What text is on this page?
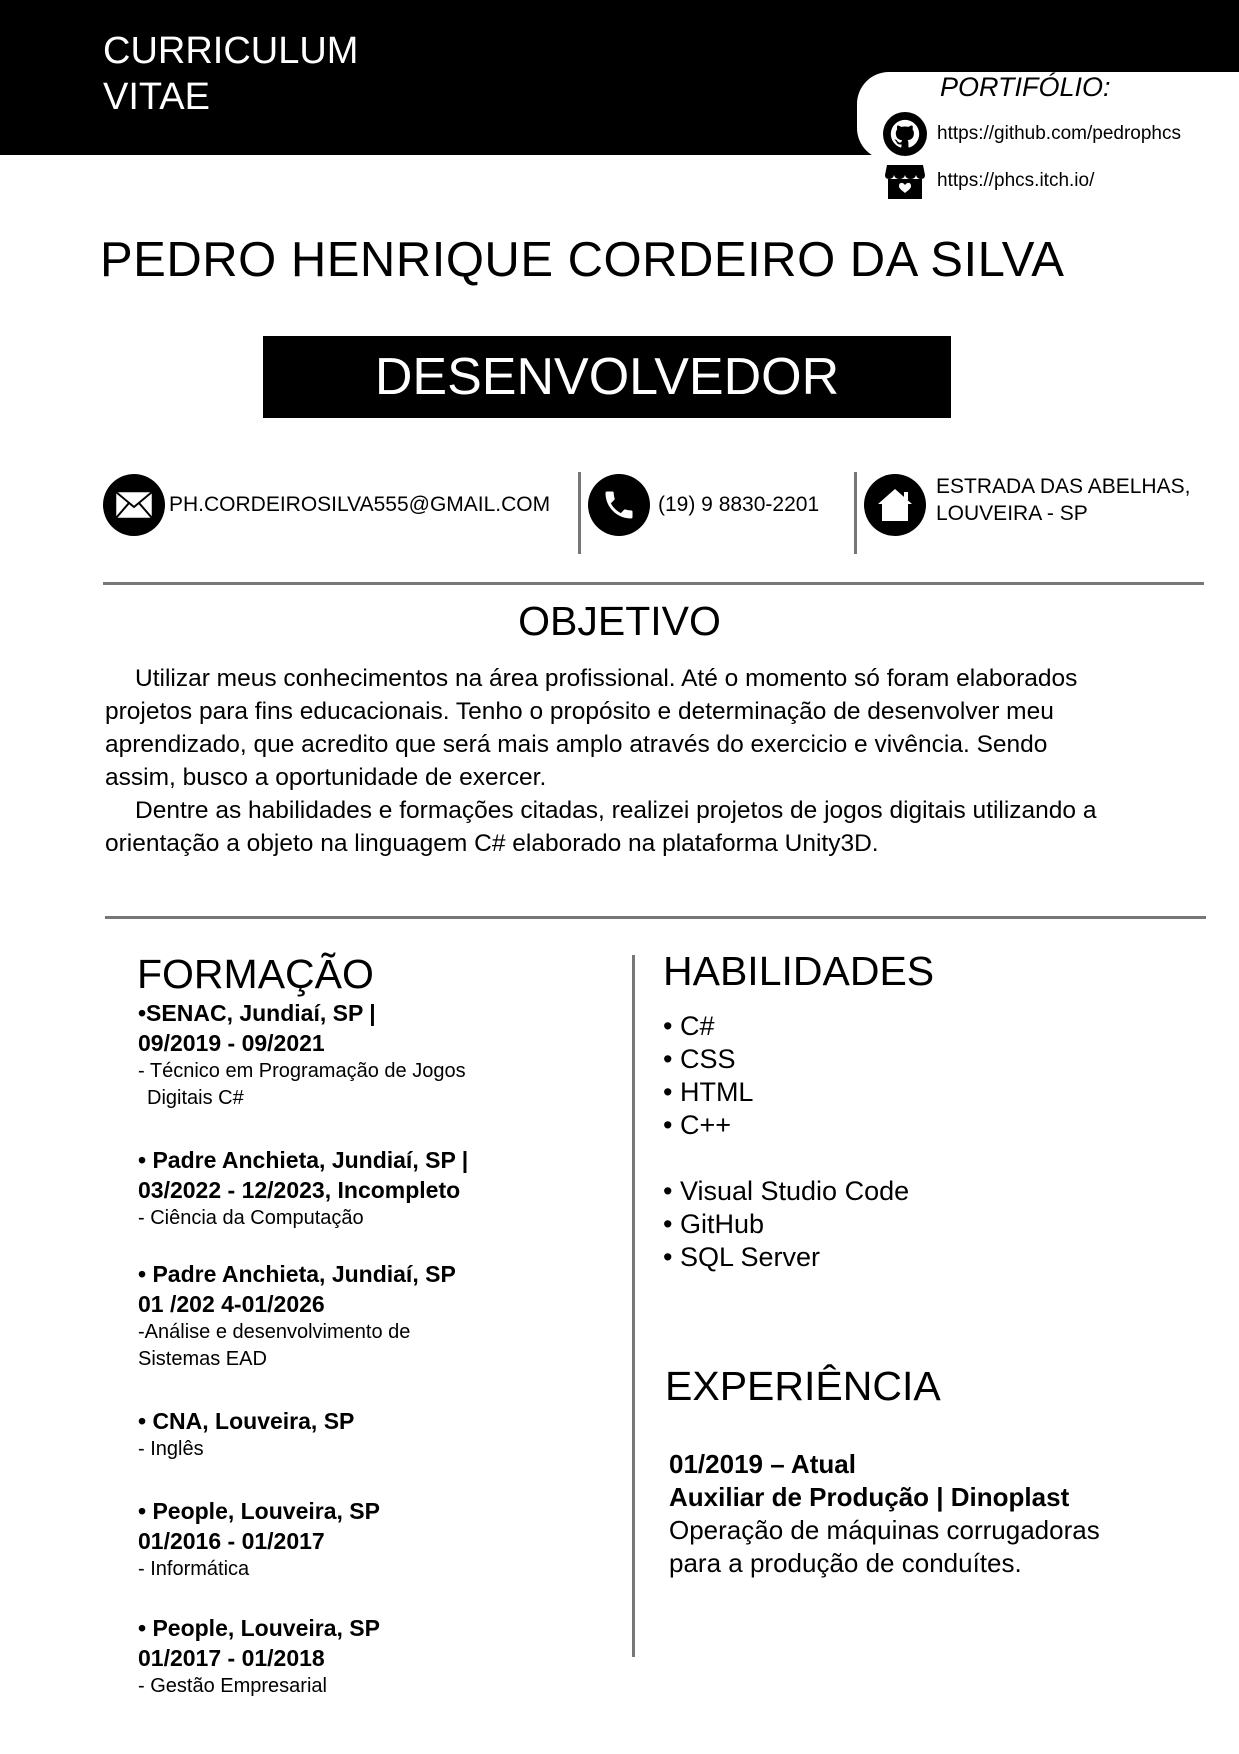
CURRICULUM
VITAE	PORTIFÓLIO:
https://github.com/pedrophcs
https://phcs.itch.io/
PEDRO HENRIQUE CORDEIRO DA SILVA
DESENVOLVEDOR
PH.CORDEIROSILVA555@GMAIL.COM	(19) 9 8830-2201
ESTRADA DAS ABELHAS,
LOUVEIRA - SP
OBJETIVO

Utilizar meus conhecimentos na área profissional. Até o momento só foram elaborados projetos para fins educacionais. Tenho o propósito e determinação de desenvolver meu aprendizado, que acredito que será mais amplo através do exercicio e vivência. Sendo assim, busco a oportunidade de exercer.

Dentre as habilidades e formações citadas, realizei projetos de jogos digitais utilizando a orientação a objeto na linguagem C# elaborado na plataforma Unity3D.

FORMAÇÃO
•SENAC, Jundiaí, SP |
09/2019 - 09/2021
- Técnico em Programação de Jogos
Digitais C#
• Padre Anchieta, Jundiaí, SP |
03/2022 - 12/2023, Incompleto
- Ciência da Computação
• Padre Anchieta, Jundiaí, SP
01 /202 4-01/2026
-Análise e desenvolvimento de
Sistemas EAD
• CNA, Louveira, SP
- Inglês
• People, Louveira, SP
01/2016 - 01/2017
- Informática
• People, Louveira, SP
01/2017 - 01/2018
- Gestão Empresarial
HABILIDADES
• C#
• CSS
• HTML
• C++
• Visual Studio Code
• GitHub
• SQL Server
EXPERIÊNCIA
01/2019 – Atual
Auxiliar de Produção | Dinoplast
Operação de máquinas corrugadoras
para a produção de conduítes.
